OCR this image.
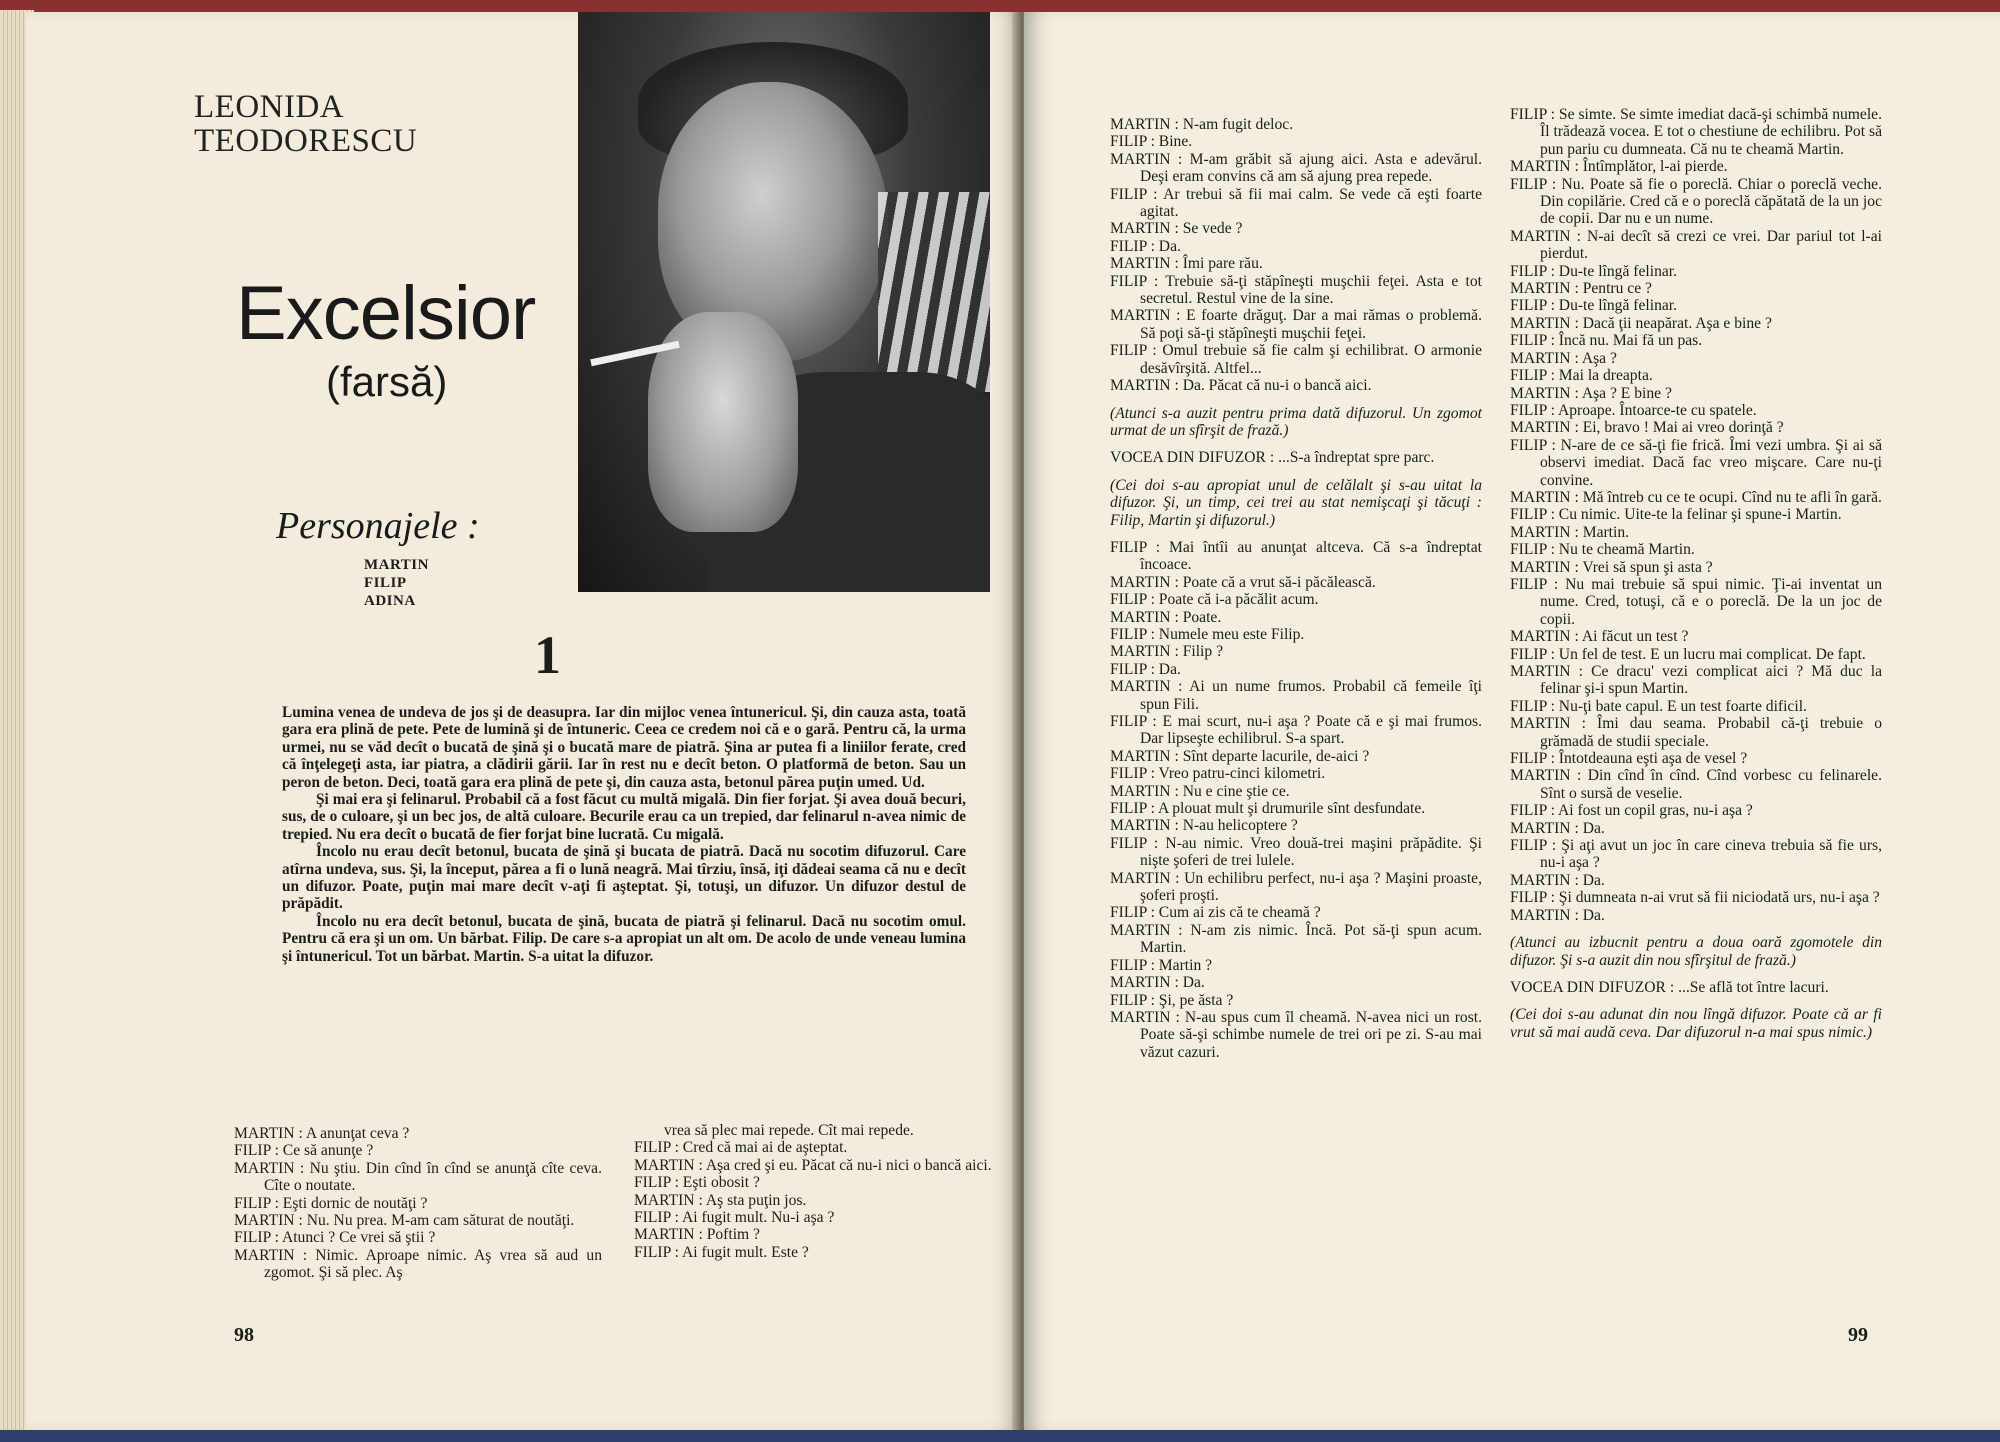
LEONIDA
TEODORESCU
Excelsior
(farsă)
Personajele :
MARTIN
FILIP
ADINA
1

Lumina venea de undeva de jos şi de deasupra. Iar din mijloc venea întunericul. Şi, din cauza asta, toată gara era plină de pete. Pete de lumină şi de întuneric. Ceea ce credem noi că e o gară. Pentru că, la urma urmei, nu se văd decît o bucată de şină şi o bucată mare de piatră. Şina ar putea fi a liniilor ferate, cred că înţelegeţi asta, iar piatra, a clădirii gării. Iar în rest nu e decît beton. O platformă de beton. Sau un peron de beton. Deci, toată gara era plină de pete şi, din cauza asta, betonul părea puţin umed. Ud.

Şi mai era şi felinarul. Probabil că a fost făcut cu multă migală. Din fier forjat. Şi avea două becuri, sus, de o culoare, şi un bec jos, de altă culoare. Becurile erau ca un trepied, dar felinarul n-avea nimic de trepied. Nu era decît o bucată de fier forjat bine lucrată. Cu migală.

Încolo nu erau decît betonul, bucata de şină şi bucata de piatră. Dacă nu socotim difuzorul. Care atîrna undeva, sus. Şi, la început, părea a fi o lună neagră. Mai tîrziu, însă, iţi dădeai seama că nu e decît un difuzor. Poate, puţin mai mare decît v-aţi fi aşteptat. Şi, totuşi, un difuzor. Un difuzor destul de prăpădit.

Încolo nu era decît betonul, bucata de şină, bucata de piatră şi felinarul. Dacă nu socotim omul. Pentru că era şi un om. Un bărbat. Filip. De care s-a apropiat un alt om. De acolo de unde veneau lumina şi întunericul. Tot un bărbat. Martin. S-a uitat la difuzor.

MARTIN : A anunţat ceva ?

FILIP : Ce să anunţe ?

MARTIN : Nu ştiu. Din cînd în cînd se anunţă cîte ceva. Cîte o noutate.

FILIP : Eşti dornic de noutăţi ?

MARTIN : Nu. Nu prea. M-am cam săturat de noutăţi.

FILIP : Atunci ? Ce vrei să ştii ?

MARTIN : Nimic. Aproape nimic. Aş vrea să aud un zgomot. Şi să plec. Aş

vrea să plec mai repede. Cît mai repede.

FILIP : Cred că mai ai de aşteptat.

MARTIN : Aşa cred şi eu. Păcat că nu-i nici o bancă aici.

FILIP : Eşti obosit ?

MARTIN : Aş sta puţin jos.

FILIP : Ai fugit mult. Nu-i aşa ?

MARTIN : Poftim ?

FILIP : Ai fugit mult. Este ?

98	99

MARTIN : N-am fugit deloc.

FILIP : Bine.

MARTIN : M-am grăbit să ajung aici. Asta e adevărul. Deşi eram convins că am să ajung prea repede.

FILIP : Ar trebui să fii mai calm. Se vede că eşti foarte agitat.

MARTIN : Se vede ?

FILIP : Da.

MARTIN : Îmi pare rău.

FILIP : Trebuie să-ţi stăpîneşti muşchii feţei. Asta e tot secretul. Restul vine de la sine.

MARTIN : E foarte drăguţ. Dar a mai rămas o problemă. Să poţi să-ţi stăpîneşti muşchii feţei.

FILIP : Omul trebuie să fie calm şi echilibrat. O armonie desăvîrşită. Altfel...

MARTIN : Da. Păcat că nu-i o bancă aici.

(Atunci s-a auzit pentru prima dată difuzorul. Un zgomot urmat de un sfîrşit de frază.)

VOCEA DIN DIFUZOR : ...S-a îndreptat spre parc.

(Cei doi s-au apropiat unul de celălalt şi s-au uitat la difuzor. Şi, un timp, cei trei au stat nemişcaţi şi tăcuţi : Filip, Martin şi difuzorul.)

FILIP : Mai întîi au anunţat altceva. Că s-a îndreptat încoace.

MARTIN : Poate că a vrut să-i păcălească.

FILIP : Poate că i-a păcălit acum.

MARTIN : Poate.

FILIP : Numele meu este Filip.

MARTIN : Filip ?

FILIP : Da.

MARTIN : Ai un nume frumos. Probabil că femeile îţi spun Fili.

FILIP : E mai scurt, nu-i aşa ? Poate că e şi mai frumos. Dar lipseşte echilibrul. S-a spart.

MARTIN : Sînt departe lacurile, de-aici ?

FILIP : Vreo patru-cinci kilometri.

MARTIN : Nu e cine ştie ce.

FILIP : A plouat mult şi drumurile sînt desfundate.

MARTIN : N-au helicoptere ?

FILIP : N-au nimic. Vreo două-trei maşini prăpădite. Şi nişte şoferi de trei lulele.

MARTIN : Un echilibru perfect, nu-i aşa ? Maşini proaste, şoferi proşti.

FILIP : Cum ai zis că te cheamă ?

MARTIN : N-am zis nimic. Încă. Pot să-ţi spun acum. Martin.

FILIP : Martin ?

MARTIN : Da.

FILIP : Şi, pe ăsta ?

MARTIN : N-au spus cum îl cheamă. N-avea nici un rost. Poate să-şi schimbe numele de trei ori pe zi. S-au mai văzut cazuri.

FILIP : Se simte. Se simte imediat dacă-şi schimbă numele. Îl trădează vocea. E tot o chestiune de echilibru. Pot să pun pariu cu dumneata. Că nu te cheamă Martin.

MARTIN : Întîmplător, l-ai pierde.

FILIP : Nu. Poate să fie o poreclă. Chiar o poreclă veche. Din copilărie. Cred că e o poreclă căpătată de la un joc de copii. Dar nu e un nume.

MARTIN : N-ai decît să crezi ce vrei. Dar pariul tot l-ai pierdut.

FILIP : Du-te lîngă felinar.

MARTIN : Pentru ce ?

FILIP : Du-te lîngă felinar.

MARTIN : Dacă ţii neapărat. Aşa e bine ?

FILIP : Încă nu. Mai fă un pas.

MARTIN : Aşa ?

FILIP : Mai la dreapta.

MARTIN : Aşa ? E bine ?

FILIP : Aproape. Întoarce-te cu spatele.

MARTIN : Ei, bravo ! Mai ai vreo dorinţă ?

FILIP : N-are de ce să-ţi fie frică. Îmi vezi umbra. Şi ai să observi imediat. Dacă fac vreo mişcare. Care nu-ţi convine.

MARTIN : Mă întreb cu ce te ocupi. Cînd nu te afli în gară.

FILIP : Cu nimic. Uite-te la felinar şi spune-i Martin.

MARTIN : Martin.

FILIP : Nu te cheamă Martin.

MARTIN : Vrei să spun şi asta ?

FILIP : Nu mai trebuie să spui nimic. Ţi-ai inventat un nume. Cred, totuşi, că e o poreclă. De la un joc de copii.

MARTIN : Ai făcut un test ?

FILIP : Un fel de test. E un lucru mai complicat. De fapt.

MARTIN : Ce dracu' vezi complicat aici ? Mă duc la felinar şi-i spun Martin.

FILIP : Nu-ţi bate capul. E un test foarte dificil.

MARTIN : Îmi dau seama. Probabil că-ţi trebuie o grămadă de studii speciale.

FILIP : Întotdeauna eşti aşa de vesel ?

MARTIN : Din cînd în cînd. Cînd vorbesc cu felinarele. Sînt o sursă de veselie.

FILIP : Ai fost un copil gras, nu-i aşa ?

MARTIN : Da.

FILIP : Şi aţi avut un joc în care cineva trebuia să fie urs, nu-i aşa ?

MARTIN : Da.

FILIP : Şi dumneata n-ai vrut să fii niciodată urs, nu-i aşa ?

MARTIN : Da.

(Atunci au izbucnit pentru a doua oară zgomotele din difuzor. Şi s-a auzit din nou sfîrşitul de frază.)

VOCEA DIN DIFUZOR : ...Se află tot între lacuri.

(Cei doi s-au adunat din nou lîngă difuzor. Poate că ar fi vrut să mai audă ceva. Dar difuzorul n-a mai spus nimic.)
